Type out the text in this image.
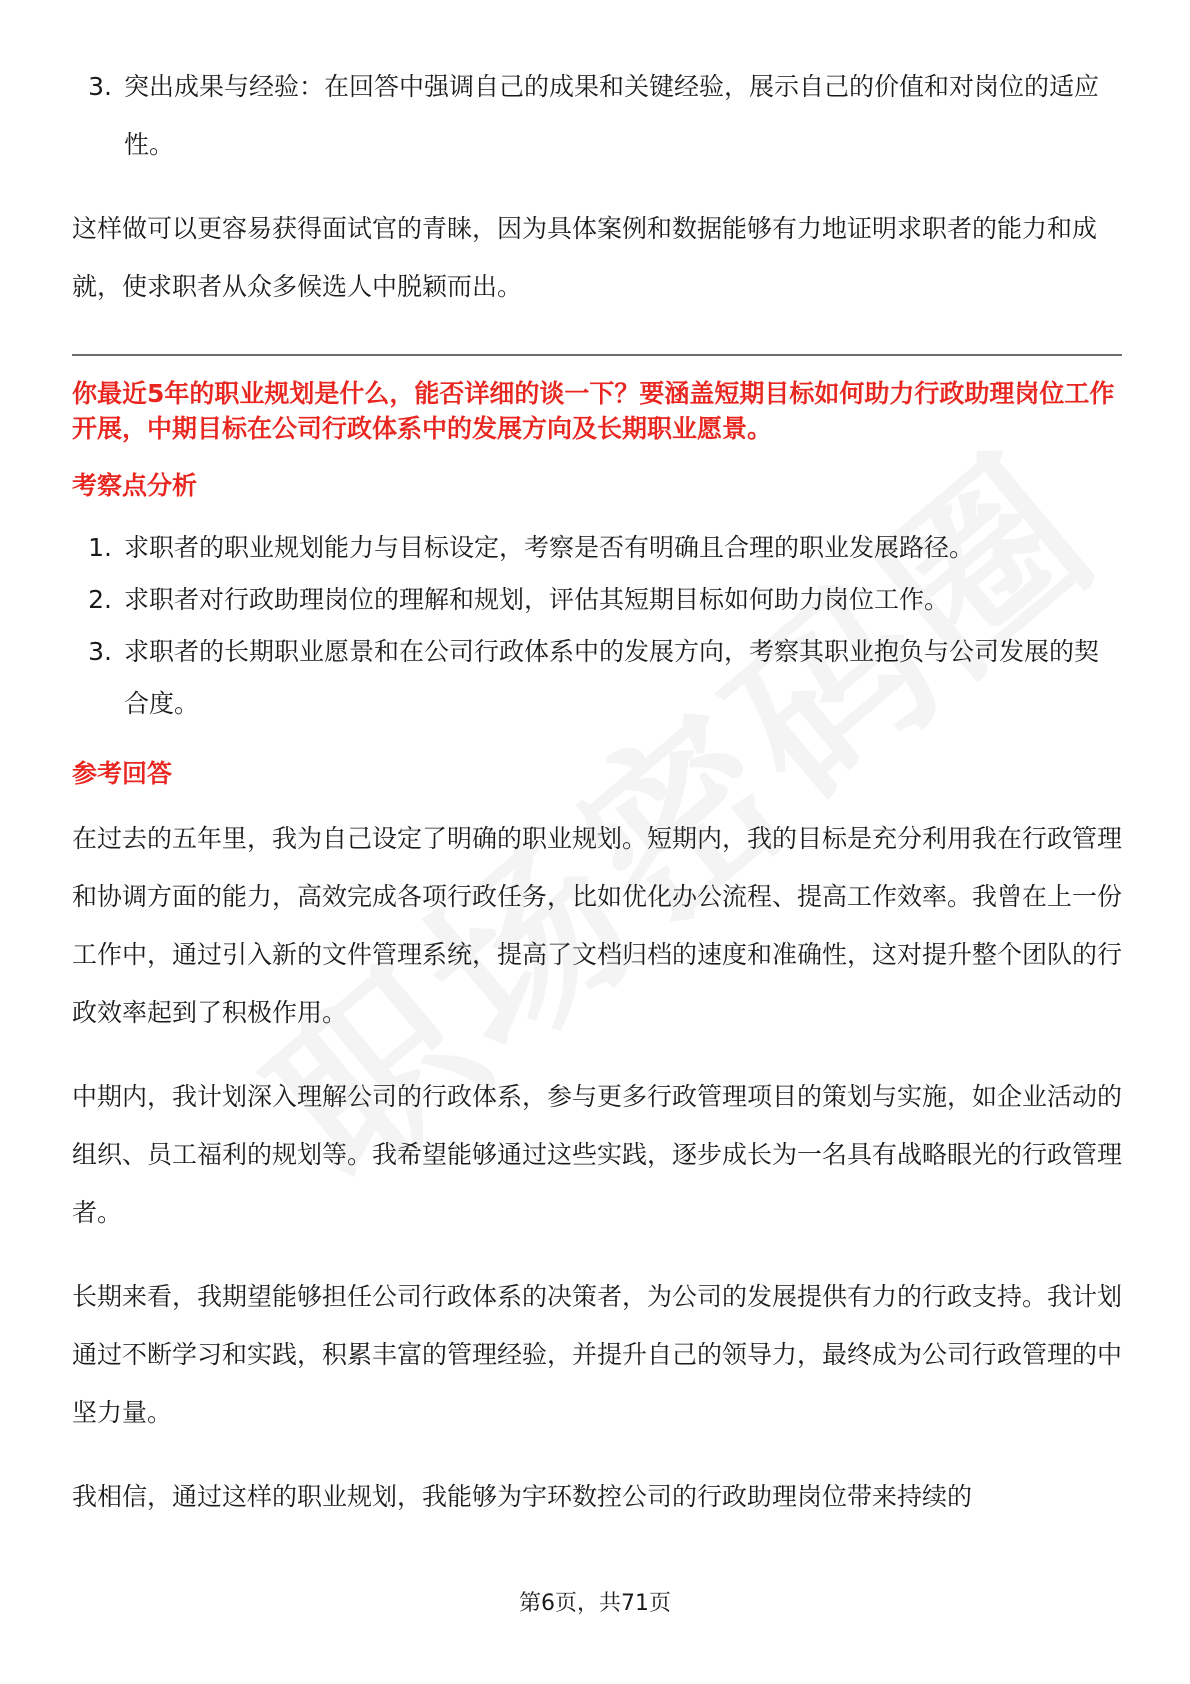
3. 突出成果与经验：在回答中强调自己的成果和关键经验，展示自己的价值和对岗位的适应性。

这样做可以更容易获得面试官的青睐，因为具体案例和数据能够有力地证明求职者的能力和成就，使求职者从众多候选人中脱颖而出。

你最近5年的职业规划是什么，能否详细的谈一下？要涵盖短期目标如何助力行政助理岗位工作开展，中期目标在公司行政体系中的发展方向及长期职业愿景。
考察点分析
1. 求职者的职业规划能力与目标设定，考察是否有明确且合理的职业发展路径。
2. 求职者对行政助理岗位的理解和规划，评估其短期目标如何助力岗位工作。
3. 求职者的长期职业愿景和在公司行政体系中的发展方向，考察其职业抱负与公司发展的契合度。
参考回答

在过去的五年里，我为自己设定了明确的职业规划。短期内，我的目标是充分利用我在行政管理和协调方面的能力，高效完成各项行政任务，比如优化办公流程、提高工作效率。我曾在上一份工作中，通过引入新的文件管理系统，提高了文档归档的速度和准确性，这对提升整个团队的行政效率起到了积极作用。

中期内，我计划深入理解公司的行政体系，参与更多行政管理项目的策划与实施，如企业活动的组织、员工福利的规划等。我希望能够通过这些实践，逐步成长为一名具有战略眼光的行政管理者。

长期来看，我期望能够担任公司行政体系的决策者，为公司的发展提供有力的行政支持。我计划通过不断学习和实践，积累丰富的管理经验，并提升自己的领导力，最终成为公司行政管理的中坚力量。

我相信，通过这样的职业规划，我能够为宇环数控公司的行政助理岗位带来持续的

第6页，共71页
